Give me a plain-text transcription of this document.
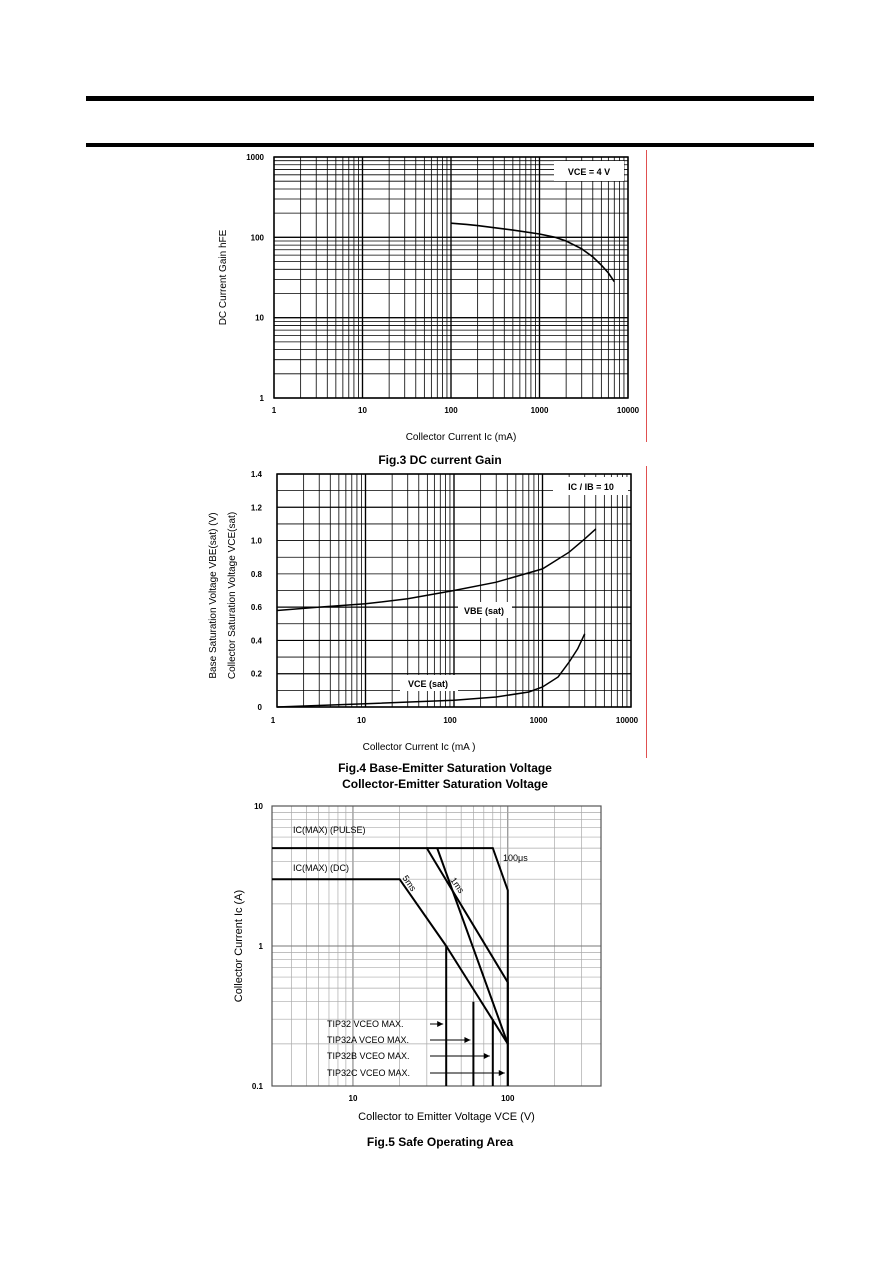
1	10	100	1000	10000
1
10
100
1000
Collector Current Ic (mA)
DC Current Gain hFE
VCE = 4 V
Fig.3 DC current Gain
1	10	100	1000	10000
0
0.2
0.4
0.6
0.8
1.0
1.2
1.4
Collector Current Ic (mA )
Base Saturation Voltage VBE(sat) (V) Collector Saturation Voltage VCE(sat)
IC / IB = 10
VBE (sat)
VCE (sat)
Fig.4 Base-Emitter Saturation Voltage
Collector-Emitter Saturation Voltage
10	100
0.1
1
10
Collector to Emitter Voltage VCE (V)
Collector Current Ic (A)
IC(MAX) (PULSE)
IC(MAX) (DC)
100μs
1ms
5ms
TIP32 VCEO MAX.
TIP32A VCEO MAX.
TIP32B VCEO MAX.
TIP32C VCEO MAX.
Fig.5 Safe Operating Area
